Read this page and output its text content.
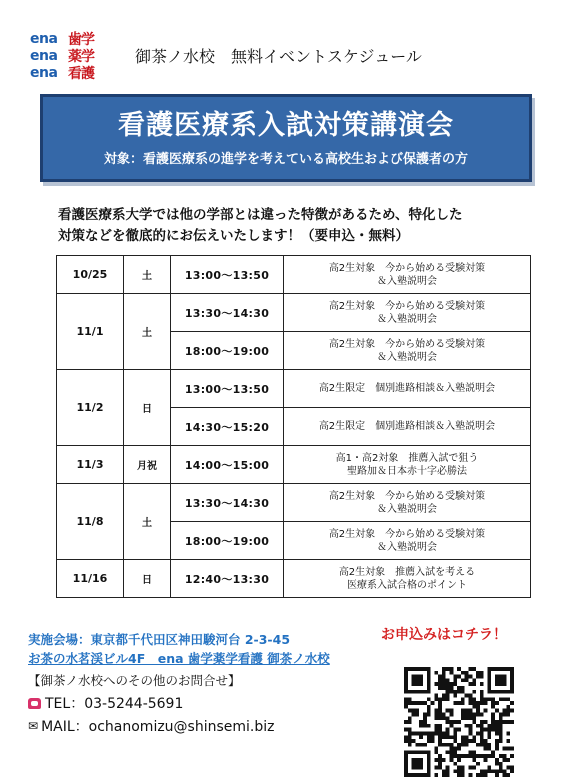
ena 歯学
ena 薬学
ena 看護
御茶ノ水校　無料イベントスケジュール
看護医療系入試対策講演会
対象：看護医療系の進学を考えている高校生および保護者の方
看護医療系大学では他の学部とは違った特徴があるため、特化した
対策などを徹底的にお伝えいたします！（要申込・無料）
10/25	土	13:00～13:50	高2生対象　今から始める受験対策
＆入塾説明会

11/1	土	13:30～14:30	高2生対象　今から始める受験対策
＆入塾説明会

		18:00～19:00	高2生対象　今から始める受験対策
＆入塾説明会

11/2	日	13:00～13:50	高2生限定　個別進路相談＆入塾説明会

		14:30～15:20	高2生限定　個別進路相談＆入塾説明会

11/3	月祝	14:00～15:00	高1・高2対象　推薦入試で狙う
聖路加＆日本赤十字必勝法

11/8	土	13:30～14:30	高2生対象　今から始める受験対策
＆入塾説明会

		18:00～19:00	高2生対象　今から始める受験対策
＆入塾説明会

11/16	日	12:40～13:30	高2生対象　推薦入試を考える
医療系入試合格のポイント
実施会場：東京都千代田区神田駿河台 2-3-45
お茶の水茗渓ビル4F　ena 歯学薬学看護 御茶ノ水校
【御茶ノ水校へのその他のお問合せ】
TEL：03-5244-5691
✉ MAIL：ochanomizu@shinsemi.biz
お申込みはコチラ！
